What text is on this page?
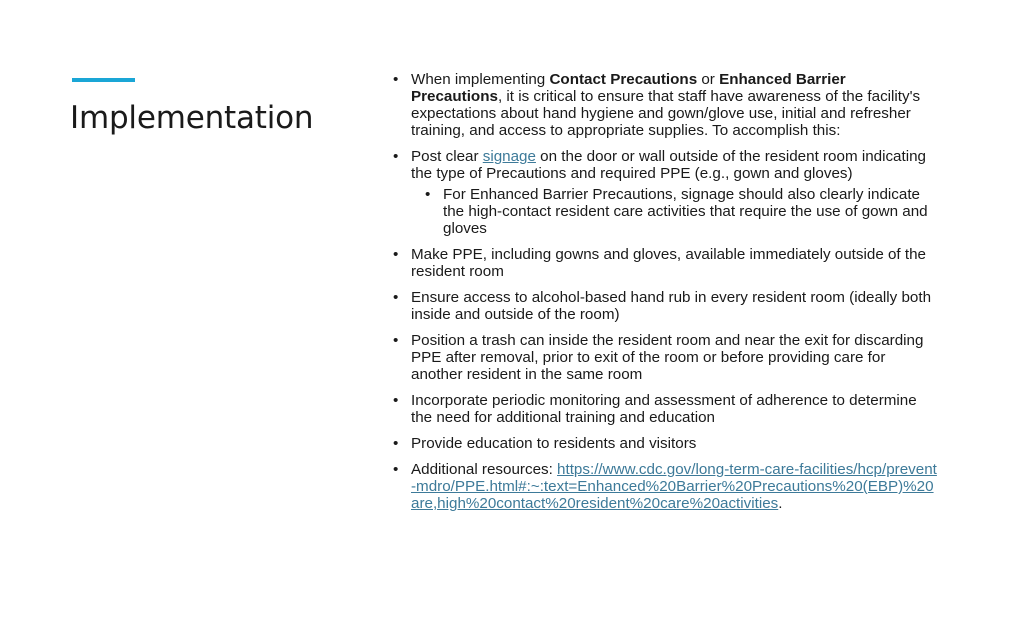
Implementation
• When implementing Contact Precautions or Enhanced Barrier Precautions, it is critical to ensure that staff have awareness of the facility's expectations about hand hygiene and gown/glove use, initial and refresher training, and access to appropriate supplies. To accomplish this:
• Post clear signage on the door or wall outside of the resident room indicating the type of Precautions and required PPE (e.g., gown and gloves)
• For Enhanced Barrier Precautions, signage should also clearly indicate the high-contact resident care activities that require the use of gown and gloves
• Make PPE, including gowns and gloves, available immediately outside of the resident room
• Ensure access to alcohol-based hand rub in every resident room (ideally both inside and outside of the room)
• Position a trash can inside the resident room and near the exit for discarding PPE after removal, prior to exit of the room or before providing care for another resident in the same room
• Incorporate periodic monitoring and assessment of adherence to determine the need for additional training and education
• Provide education to residents and visitors
• Additional resources: https://www.cdc.gov/long-term-care-facilities/hcp/prevent-mdro/PPE.html#:~:text=Enhanced%20Barrier%20Precautions%20(EBP)%20are,high%20contact%20resident%20care%20activities.
